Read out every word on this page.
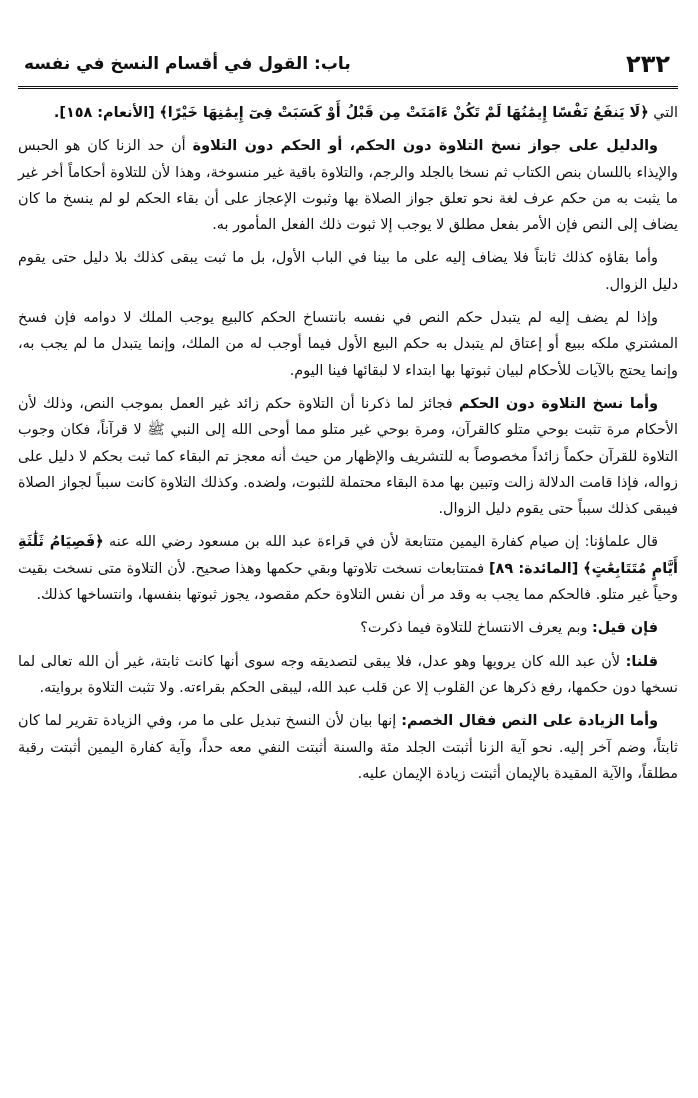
٢٣٢
باب: القول في أقسام النسخ في نفسه

التي ﴿لَا يَنفَعُ نَفْسًا إِيمَٰنُهَا لَمْ تَكُنْ ءَامَنَتْ مِن قَبْلُ أَوْ كَسَبَتْ فِىٓ إِيمَٰنِهَا خَيْرًا﴾ [الأنعام: ١٥٨].

والدليل على جواز نسخ التلاوة دون الحكم، أو الحكم دون التلاوة أن حد الزنا كان هو الحبس والإيذاء باللسان بنص الكتاب ثم نسخا بالجلد والرجم، والتلاوة باقية غير منسوخة، وهذا لأن للتلاوة أحكاماً أخر غير ما يثبت به من حكم عرف لغة نحو تعلق جواز الصلاة بها وثبوت الإعجاز على أن بقاء الحكم لو لم ينسخ ما كان يضاف إلى النص فإن الأمر بفعل مطلق لا يوجب إلا ثبوت ذلك الفعل المأمور به.

وأما بقاؤه كذلك ثابتاً فلا يضاف إليه على ما بينا في الباب الأول، بل ما ثبت يبقى كذلك بلا دليل حتى يقوم دليل الزوال.

وإذا لم يضف إليه لم يتبدل حكم النص في نفسه بانتساخ الحكم كالبيع يوجب الملك لا دوامه فإن فسخ المشتري ملكه ببيع أو إعتاق لم يتبدل به حكم البيع الأول فيما أوجب له من الملك، وإنما يتبدل ما لم يجب به، وإنما يحتج بالآيات للأحكام لبيان ثبوتها بها ابتداء لا لبقائها فينا اليوم.

وأما نسخ التلاوة دون الحكم فجائز لما ذكرنا أن التلاوة حكم زائد غير العمل بموجب النص، وذلك لأن الأحكام مرة تثبت بوحي متلو كالقرآن، ومرة بوحي غير متلو مما أوحى الله إلى النبي ﷺ لا قرآناً، فكان وجوب التلاوة للقرآن حكماً زائداً مخصوصاً به للتشريف والإظهار من حيث أنه معجز تم البقاء كما ثبت بحكم لا دليل على زواله، فإذا قامت الدلالة زالت وتبين بها مدة البقاء محتملة للثبوت، ولضده. وكذلك التلاوة كانت سبباً لجواز الصلاة فيبقى كذلك سبباً حتى يقوم دليل الزوال.

قال علماؤنا: إن صيام كفارة اليمين متتابعة لأن في قراءة عبد الله بن مسعود رضي الله عنه ﴿فَصِيَامُ ثَلَٰثَةِ أَيَّامٍ مُتَتَابِعَٰتٍ﴾ [المائدة: ٨٩] فمتتابعات نسخت تلاوتها وبقي حكمها وهذا صحيح. لأن التلاوة متى نسخت بقيت وحياً غير متلو. فالحكم مما يجب به وقد مر أن نفس التلاوة حكم مقصود، يجوز ثبوتها بنفسها، وانتساخها كذلك.

فإن قيل: وبم يعرف الانتساخ للتلاوة فيما ذكرت؟

قلنا: لأن عبد الله كان يرويها وهو عدل، فلا يبقى لتصديقه وجه سوى أنها كانت ثابتة، غير أن الله تعالى لما نسخها دون حكمها، رفع ذكرها عن القلوب إلا عن قلب عبد الله، ليبقى الحكم بقراءته. ولا تثبت التلاوة بروايته.

وأما الزيادة على النص فقال الخصم: إنها بيان لأن النسخ تبديل على ما مر، وفي الزيادة تقرير لما كان ثابتاً، وضم آخر إليه. نحو آية الزنا أثبتت الجلد مئة والسنة أثبتت النفي معه حداً، وآية كفارة اليمين أثبتت رقبة مطلقاً، والآية المقيدة بالإيمان أثبتت زيادة الإيمان عليه.
